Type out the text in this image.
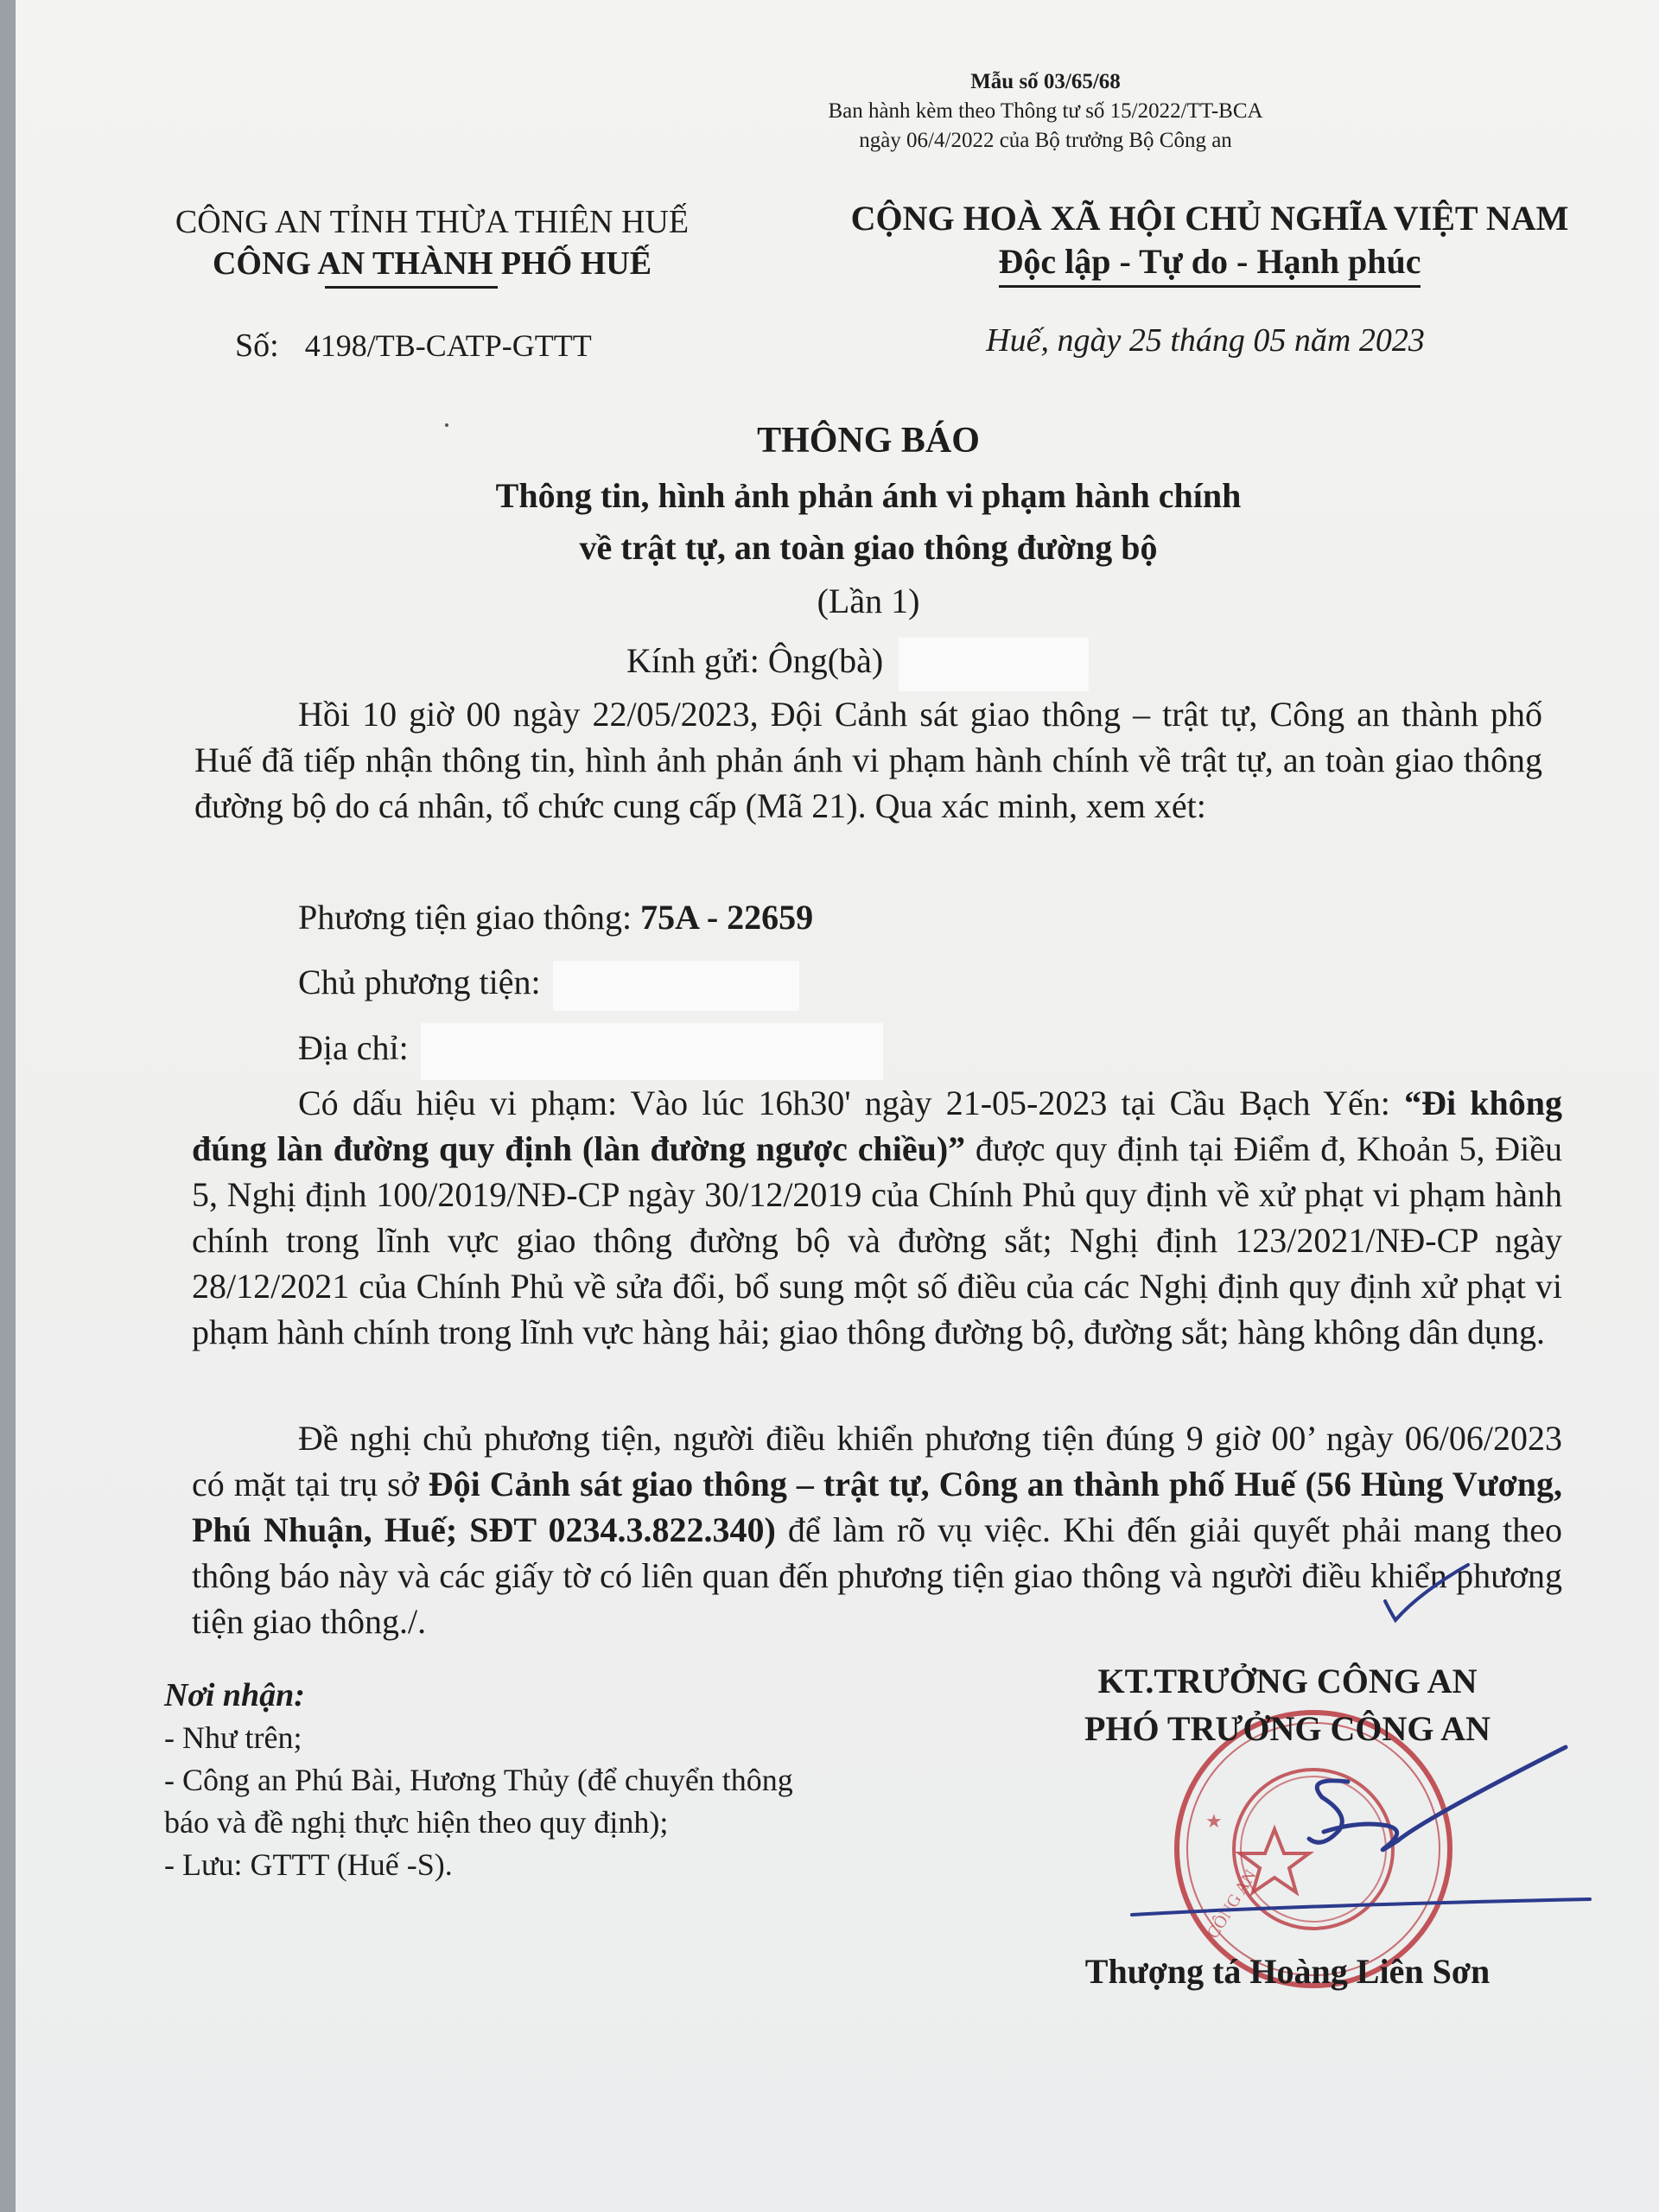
Mẫu số 03/65/68
Ban hành kèm theo Thông tư số 15/2022/TT-BCA
ngày 06/4/2022 của Bộ trưởng Bộ Công an
CÔNG AN TỈNH THỪA THIÊN HUẾ
CÔNG AN THÀNH PHỐ HUẾ
CỘNG HOÀ XÃ HỘI CHỦ NGHĨA VIỆT NAM
Độc lập - Tự do - Hạnh phúc
Số: 4198/TB-CATP-GTTT	Huế, ngày 25 tháng 05 năm 2023
THÔNG BÁO
Thông tin, hình ảnh phản ánh vi phạm hành chính
về trật tự, an toàn giao thông đường bộ
(Lần 1)
Kính gửi: Ông(bà)
Hồi 10 giờ 00 ngày 22/05/2023, Đội Cảnh sát giao thông – trật tự, Công an thành phố Huế đã tiếp nhận thông tin, hình ảnh phản ánh vi phạm hành chính về trật tự, an toàn giao thông đường bộ do cá nhân, tổ chức cung cấp (Mã 21). Qua xác minh, xem xét:
Phương tiện giao thông: 75A - 22659
Chủ phương tiện:
Địa chỉ:
Có dấu hiệu vi phạm: Vào lúc 16h30' ngày 21-05-2023 tại Cầu Bạch Yến: “Đi không đúng làn đường quy định (làn đường ngược chiều)” được quy định tại Điểm đ, Khoản 5, Điều 5, Nghị định 100/2019/NĐ-CP ngày 30/12/2019 của Chính Phủ quy định về xử phạt vi phạm hành chính trong lĩnh vực giao thông đường bộ và đường sắt; Nghị định 123/2021/NĐ-CP ngày 28/12/2021 của Chính Phủ về sửa đổi, bổ sung một số điều của các Nghị định quy định xử phạt vi phạm hành chính trong lĩnh vực hàng hải; giao thông đường bộ, đường sắt; hàng không dân dụng.
Đề nghị chủ phương tiện, người điều khiển phương tiện đúng 9 giờ 00’ ngày 06/06/2023 có mặt tại trụ sở Đội Cảnh sát giao thông – trật tự, Công an thành phố Huế (56 Hùng Vương, Phú Nhuận, Huế; SĐT 0234.3.822.340) để làm rõ vụ việc. Khi đến giải quyết phải mang theo thông báo này và các giấy tờ có liên quan đến phương tiện giao thông và người điều khiển phương tiện giao thông./.
Nơi nhận:
- Như trên;
- Công an Phú Bài, Hương Thủy (để chuyển thông
báo và đề nghị thực hiện theo quy định);
- Lưu: GTTT (Huế -S).
CÔNG AN
★
KT.TRƯỞNG CÔNG AN
PHÓ TRƯỞNG CÔNG AN
Thượng tá Hoàng Liên Sơn
